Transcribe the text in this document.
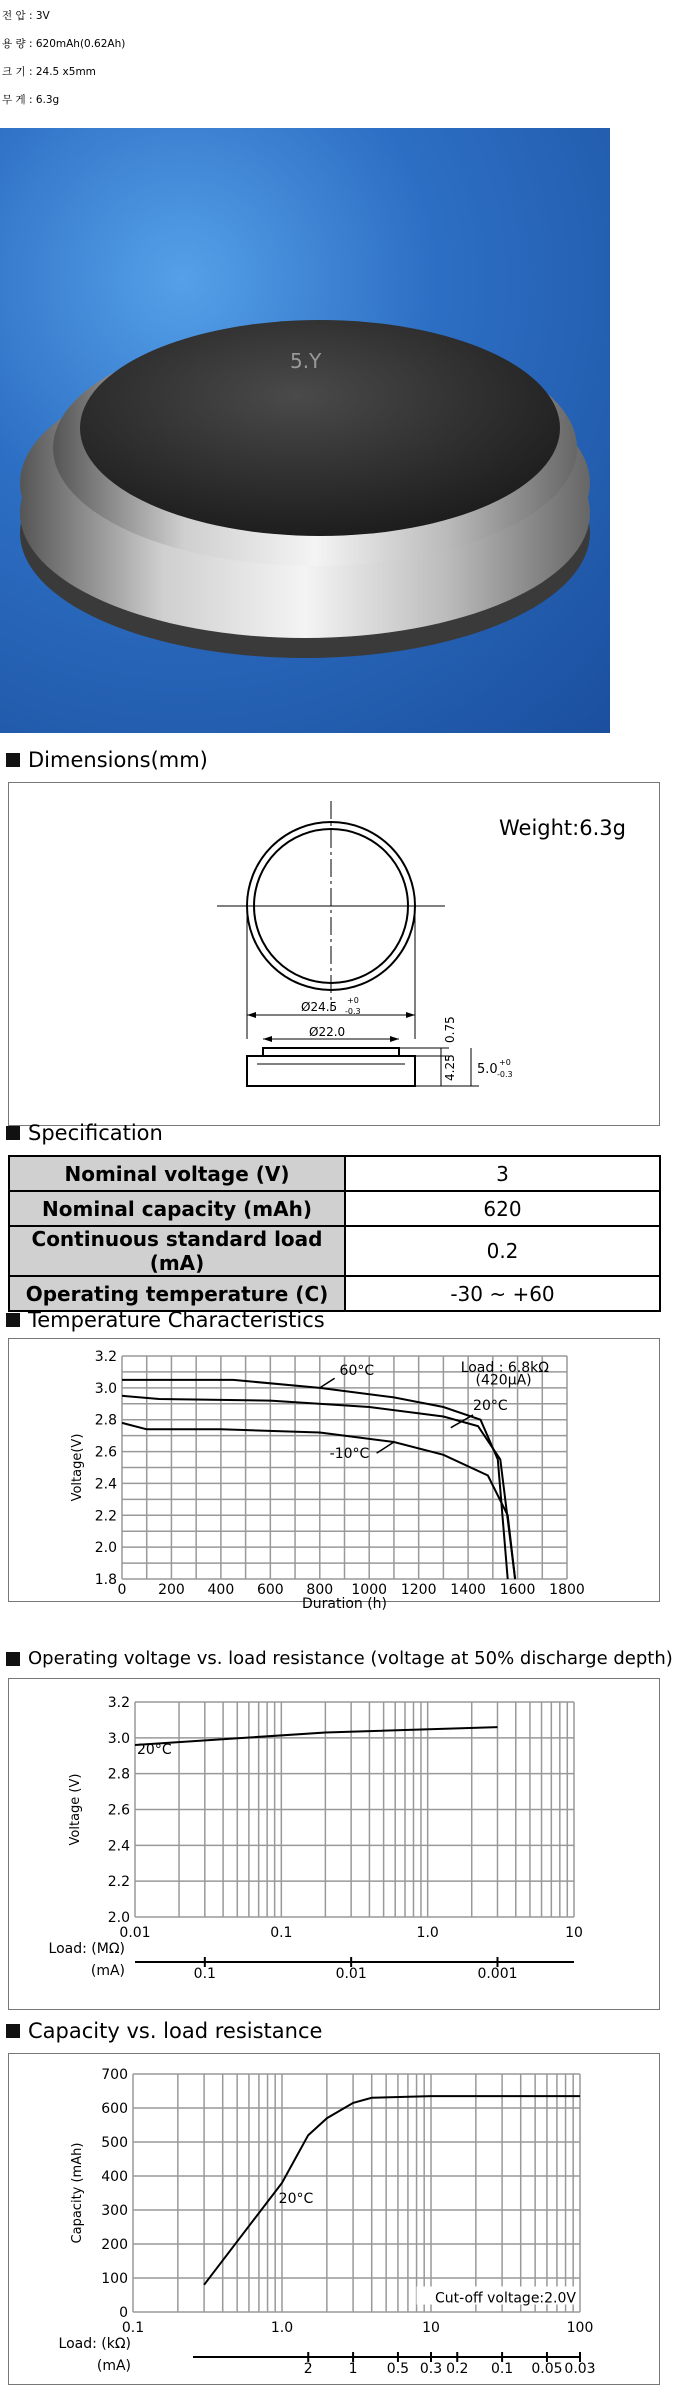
전 압 : 3V
용 량 : 620mAh(0.62Ah)
크 기 : 24.5 x5mm
무 게 : 6.3g
5.Y
Dimensions(mm)
Weight:6.3g
Ø24.5 +0
-0.3
Ø22.0	0.75
4.25 5.0 +0
-0.3
Specification
Nominal voltage (V)	3
Nominal capacity (mAh)	620
Continuous standard load (mA)	0.2
Operating temperature (C)	-30 ~ +60
Temperature Characteristics
0 200 400 600 800 1000 1200 1400 1600 1800
1.8
2.0
2.2
2.4
2.6
2.8
3.0
3.2
Duration (h)
Voltage(V)
60°C
20°C
-10°C
Load : 6.8kΩ
(420μA)
Operating voltage vs. load resistance (voltage at 50% discharge depth)
0.01	0.1	1.0	10
2.0
2.2
2.4
2.6
2.8
3.0
3.2
Voltage (V)
Load: (MΩ)
(mA)	0.1	0.01	0.001
20°C
Capacity vs. load resistance
0.1	1.0	10	100
0
100
200
300
400
500
600
700
Capacity (mAh)
Load: (kΩ)
(mA)	2	1 0.5 0.3 0.2 0.1 0.05 0.03
20°C
Cut-off voltage:2.0V
